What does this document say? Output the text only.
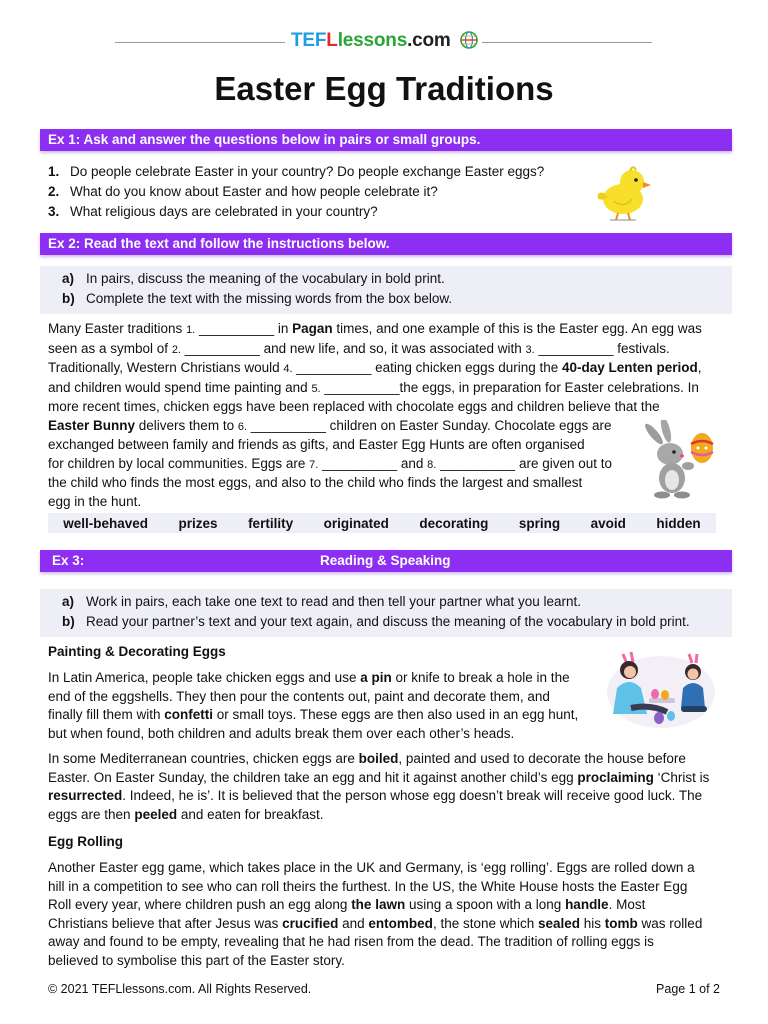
TEFLlessons.com
Easter Egg Traditions
Ex 1: Ask and answer the questions below in pairs or small groups.
1. Do people celebrate Easter in your country? Do people exchange Easter eggs?
2. What do you know about Easter and how people celebrate it?
3. What religious days are celebrated in your country?
Ex 2: Read the text and follow the instructions below.
a) In pairs, discuss the meaning of the vocabulary in bold print.
b) Complete the text with the missing words from the box below.
Many Easter traditions 1. __________ in Pagan times, and one example of this is the Easter egg. An egg was
seen as a symbol of 2. __________ and new life, and so, it was associated with 3. __________ festivals.
Traditionally, Western Christians would 4. __________ eating chicken eggs during the 40-day Lenten period,
and children would spend time painting and 5. __________the eggs, in preparation for Easter celebrations. In
more recent times, chicken eggs have been replaced with chocolate eggs and children believe that the
Easter Bunny delivers them to 6. __________ children on Easter Sunday. Chocolate eggs are
exchanged between family and friends as gifts, and Easter Egg Hunts are often organised
for children by local communities. Eggs are 7. __________ and 8. __________ are given out to
the child who finds the most eggs, and also to the child who finds the largest and smallest
egg in the hunt.
well-behaved prizes fertility originated decorating spring avoid hidden
Ex 3:	Reading & Speaking
a) Work in pairs, each take one text to read and then tell your partner what you learnt.
b) Read your partner’s text and your text again, and discuss the meaning of the vocabulary in bold print.
Painting & Decorating Eggs
In Latin America, people take chicken eggs and use a pin or knife to break a hole in the
end of the eggshells. They then pour the contents out, paint and decorate them, and
finally fill them with confetti or small toys. These eggs are then also used in an egg hunt,
but when found, both children and adults break them over each other’s heads.
In some Mediterranean countries, chicken eggs are boiled, painted and used to decorate the house before
Easter. On Easter Sunday, the children take an egg and hit it against another child’s egg proclaiming ‘Christ is
resurrected. Indeed, he is’. It is believed that the person whose egg doesn’t break will receive good luck. The
eggs are then peeled and eaten for breakfast.
Egg Rolling
Another Easter egg game, which takes place in the UK and Germany, is ‘egg rolling’. Eggs are rolled down a
hill in a competition to see who can roll theirs the furthest. In the US, the White House hosts the Easter Egg
Roll every year, where children push an egg along the lawn using a spoon with a long handle. Most
Christians believe that after Jesus was crucified and entombed, the stone which sealed his tomb was rolled
away and found to be empty, revealing that he had risen from the dead. The tradition of rolling eggs is
believed to symbolise this part of the Easter story.
© 2021 TEFLlessons.com. All Rights Reserved.	Page 1 of 2
